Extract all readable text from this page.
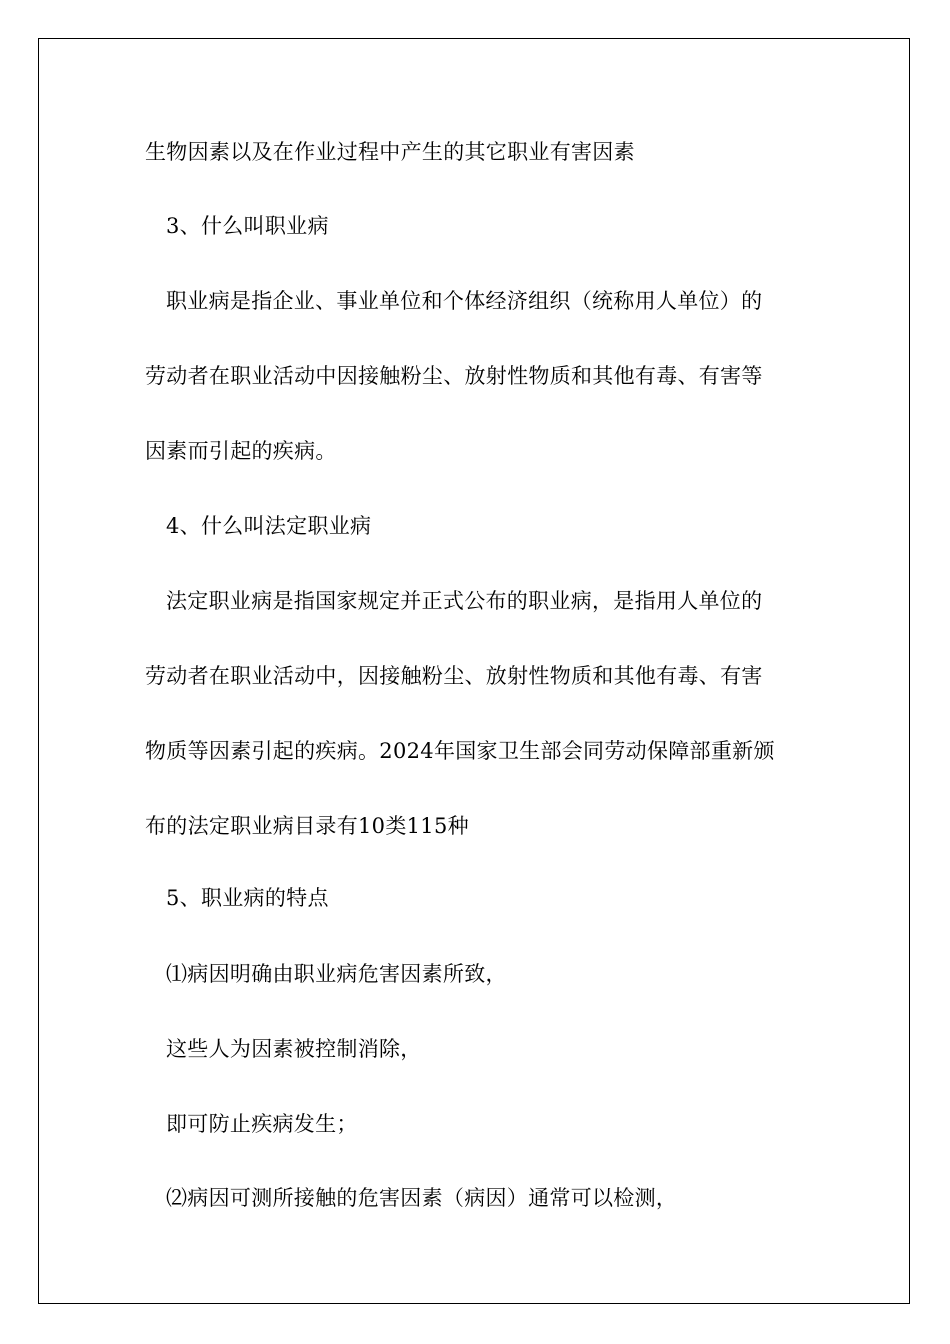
生物因素以及在作业过程中产生的其它职业有害因素
3、什么叫职业病
职业病是指企业、事业单位和个体经济组织（统称用人单位）的
劳动者在职业活动中因接触粉尘、放射性物质和其他有毒、有害等
因素而引起的疾病。
4、什么叫法定职业病
法定职业病是指国家规定并正式公布的职业病，是指用人单位的
劳动者在职业活动中，因接触粉尘、放射性物质和其他有毒、有害
物质等因素引起的疾病。2024年国家卫生部会同劳动保障部重新颁
布的法定职业病目录有10类115种
5、职业病的特点
⑴病因明确由职业病危害因素所致，
这些人为因素被控制消除，
即可防止疾病发生；
⑵病因可测所接触的危害因素（病因）通常可以检测，
